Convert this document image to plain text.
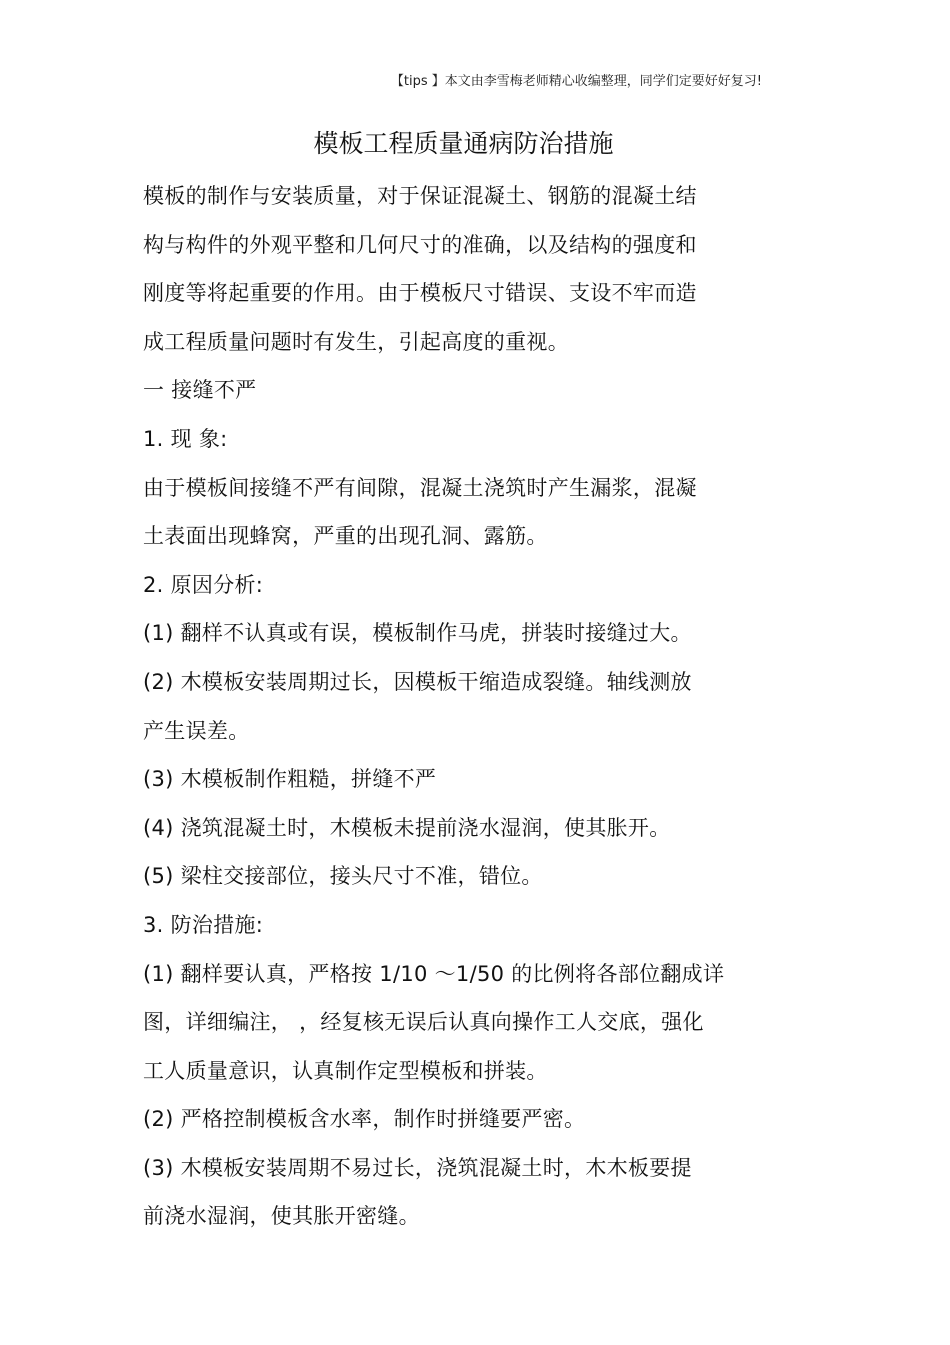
【tips 】本文由李雪梅老师精心收编整理，同学们定要好好复习!
模板工程质量通病防治措施
模板的制作与安装质量，对于保证混凝土、钢筋的混凝土结
构与构件的外观平整和几何尺寸的准确，以及结构的强度和
刚度等将起重要的作用。由于模板尺寸错误、支设不牢而造
成工程质量问题时有发生，引起高度的重视。
一 接缝不严
1. 现 象:
由于模板间接缝不严有间隙，混凝土浇筑时产生漏浆，混凝
土表面出现蜂窝，严重的出现孔洞、露筋。
2. 原因分析:
(1) 翻样不认真或有误，模板制作马虎，拼装时接缝过大。
(2) 木模板安装周期过长，因模板干缩造成裂缝。轴线测放
产生误差。
(3) 木模板制作粗糙，拼缝不严
(4) 浇筑混凝土时，木模板未提前浇水湿润，使其胀开。
(5) 梁柱交接部位，接头尺寸不准，错位。
3. 防治措施:
(1) 翻样要认真，严格按 1/10 ～1/50 的比例将各部位翻成详
图，详细编注， ，经复核无误后认真向操作工人交底，强化
工人质量意识，认真制作定型模板和拼装。
(2) 严格控制模板含水率，制作时拼缝要严密。
(3) 木模板安装周期不易过长，浇筑混凝土时，木木板要提
前浇水湿润，使其胀开密缝。
